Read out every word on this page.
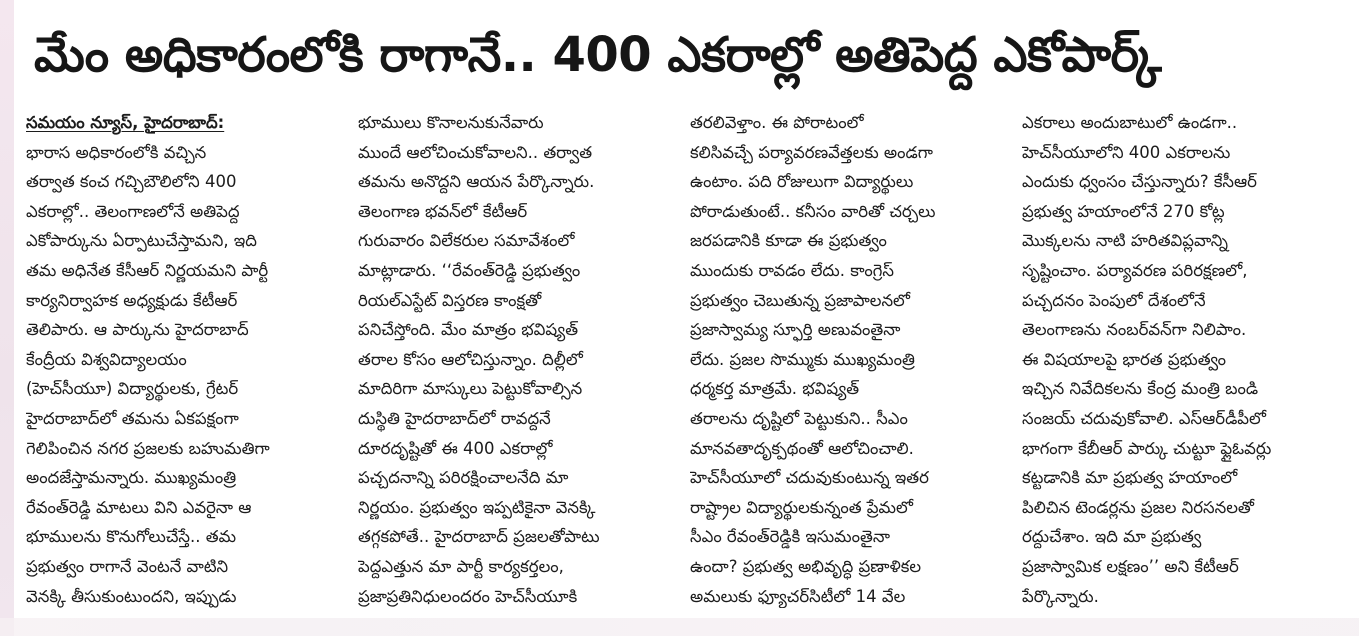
మేం అధికారంలోకి రాగానే.. 400 ఎకరాల్లో అతిపెద్ద ఎకోపార్క్
సమయం న్యూస్, హైదరాబాద్:
భారాస అధికారంలోకి వచ్చిన
తర్వాత కంచ గచ్చిబౌలిలోని 400
ఎకరాల్లో.. తెలంగాణలోనే అతిపెద్ద
ఎకోపార్కును ఏర్పాటుచేస్తామని, ఇది
తమ అధినేత కేసీఆర్ నిర్ణయమని పార్టీ
కార్యనిర్వాహక అధ్యక్షుడు కేటీఆర్
తెలిపారు. ఆ పార్కును హైదరాబాద్
కేంద్రీయ విశ్వవిద్యాలయం
(హెచ్‌సీయూ) విద్యార్థులకు, గ్రేటర్
హైదరాబాద్‌లో తమను ఏకపక్షంగా
గెలిపించిన నగర ప్రజలకు బహుమతిగా
అందజేస్తామన్నారు. ముఖ్యమంత్రి
రేవంత్‌రెడ్డి మాటలు విని ఎవరైనా ఆ
భూములను కొనుగోలుచేస్తే.. తమ
ప్రభుత్వం రాగానే వెంటనే వాటిని
వెనక్కి తీసుకుంటుందని, ఇప్పుడు
భూములు కొనాలనుకునేవారు
ముందే ఆలోచించుకోవాలని.. తర్వాత
తమను అనొద్దని ఆయన పేర్కొన్నారు.
తెలంగాణ భవన్‌లో కేటీఆర్
గురువారం విలేకరుల సమావేశంలో
మాట్లాడారు. ‘‘రేవంత్‌రెడ్డి ప్రభుత్వం
రియల్‌ఎస్టేట్ విస్తరణ కాంక్షతో
పనిచేస్తోంది. మేం మాత్రం భవిష్యత్
తరాల కోసం ఆలోచిస్తున్నాం. దిల్లీలో
మాదిరిగా మాస్కులు పెట్టుకోవాల్సిన
దుస్థితి హైదరాబాద్‌లో రావద్దనే
దూరదృష్టితో ఈ 400 ఎకరాల్లో
పచ్చదనాన్ని పరిరక్షించాలనేది మా
నిర్ణయం. ప్రభుత్వం ఇప్పటికైనా వెనక్కి
తగ్గకపోతే.. హైదరాబాద్ ప్రజలతోపాటు
పెద్దఎత్తున మా పార్టీ కార్యకర్తలం,
ప్రజాప్రతినిధులందరం హెచ్‌సీయూకి
తరలివెళ్తాం. ఈ పోరాటంలో
కలిసివచ్చే పర్యావరణవేత్తలకు అండగా
ఉంటాం. పది రోజులుగా విద్యార్థులు
పోరాడుతుంటే.. కనీసం వారితో చర్చలు
జరపడానికి కూడా ఈ ప్రభుత్వం
ముందుకు రావడం లేదు. కాంగ్రెస్
ప్రభుత్వం చెబుతున్న ప్రజాపాలనలో
ప్రజాస్వామ్య స్ఫూర్తి అణువంతైనా
లేదు. ప్రజల సొమ్ముకు ముఖ్యమంత్రి
ధర్మకర్త మాత్రమే. భవిష్యత్
తరాలను దృష్టిలో పెట్టుకుని.. సీఎం
మానవతాదృక్పథంతో ఆలోచించాలి.
హెచ్‌సీయూలో చదువుకుంటున్న ఇతర
రాష్ట్రాల విద్యార్థులకున్నంత ప్రేమలో
సీఎం రేవంత్‌రెడ్డికి ఇసుమంతైనా
ఉందా? ప్రభుత్వ అభివృద్ధి ప్రణాళికల
అమలుకు ఫ్యూచర్‌సిటీలో 14 వేల
ఎకరాలు అందుబాటులో ఉండగా..
హెచ్‌సీయూలోని 400 ఎకరాలను
ఎందుకు ధ్వంసం చేస్తున్నారు? కేసీఆర్
ప్రభుత్వ హయాంలోనే 270 కోట్ల
మొక్కలను నాటి హరితవిప్లవాన్ని
సృష్టించాం. పర్యావరణ పరిరక్షణలో,
పచ్చదనం పెంపులో దేశంలోనే
తెలంగాణను నంబర్‌వన్‌గా నిలిపాం.
ఈ విషయాలపై భారత ప్రభుత్వం
ఇచ్చిన నివేదికలను కేంద్ర మంత్రి బండి
సంజయ్ చదువుకోవాలి. ఎస్ఆర్‌డీపీలో
భాగంగా కేబీఆర్ పార్కు చుట్టూ ఫ్లైఓవర్లు
కట్టడానికి మా ప్రభుత్వ హయాంలో
పిలిచిన టెండర్లను ప్రజల నిరసనలతో
రద్దుచేశాం. ఇది మా ప్రభుత్వ
ప్రజాస్వామిక లక్షణం’’ అని కేటీఆర్
పేర్కొన్నారు.
